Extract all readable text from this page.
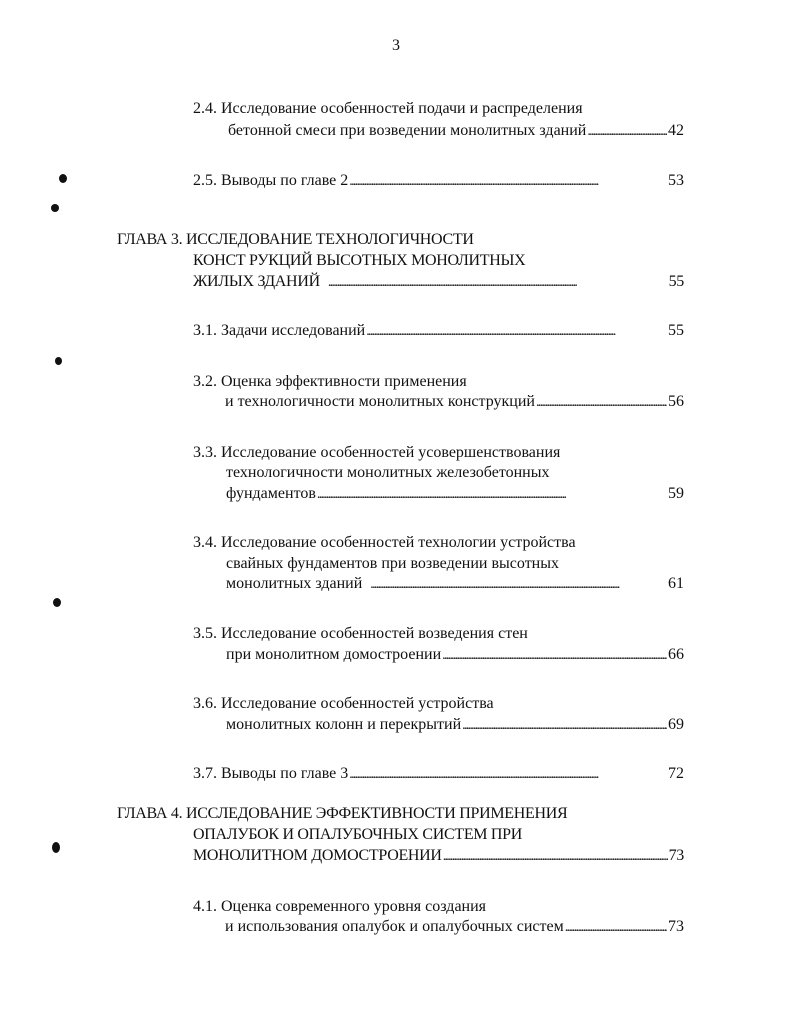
3
2.4. Исследование особенностей подачи и распределения
бетонной смеси при возведении монолитных зданий . . .	42
2.5. Выводы по главе 2 . . .	53
ГЛАВА 3. ИССЛЕДОВАНИЕ ТЕХНОЛОГИЧНОСТИ
КОНСТ РУКЦИЙ ВЫСОТНЫХ МОНОЛИТНЫХ
ЖИЛЫХ ЗДАНИЙ . . .	55
3.1. Задачи исследований . . .	55
3.2. Оценка эффективности применения
и технологичности монолитных конструкций . . .	56
3.3. Исследование особенностей усовершенствования
технологичности монолитных железобетонных
фундаментов . . .	59
3.4. Исследование особенностей технологии устройства
свайных фундаментов при возведении высотных
монолитных зданий . . .	61
3.5. Исследование особенностей возведения стен
при монолитном домостроении . . .	66
3.6. Исследование особенностей устройства
монолитных колонн и перекрытий . . .	69
3.7. Выводы по главе 3 . . .	72
ГЛАВА 4. ИССЛЕДОВАНИЕ ЭФФЕКТИВНОСТИ ПРИМЕНЕНИЯ
ОПАЛУБОК И ОПАЛУБОЧНЫХ СИСТЕМ ПРИ
МОНОЛИТНОМ ДОМОСТРОЕНИИ . . .	73
4.1. Оценка современного уровня создания
и использования опалубок и опалубочных систем . . .	73
